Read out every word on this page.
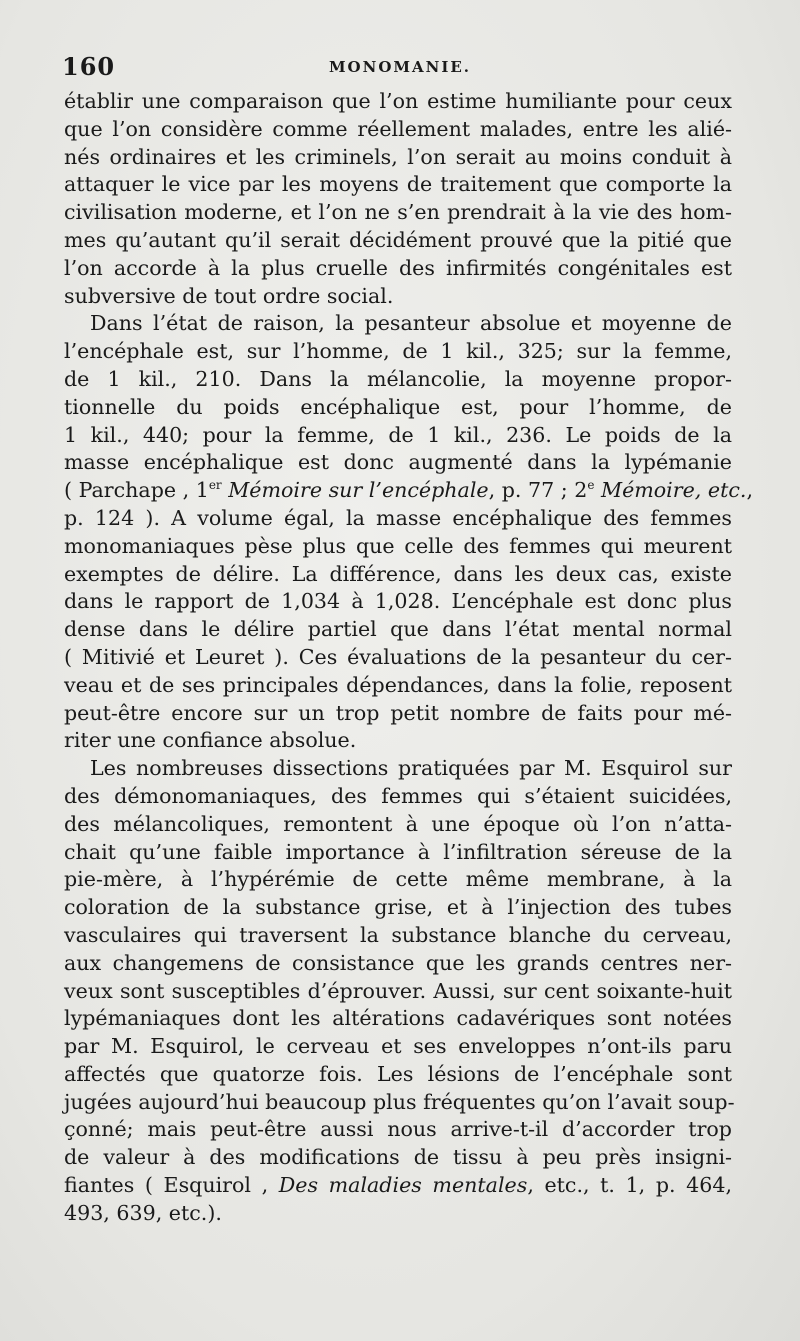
160	MONOMANIE.
établir une comparaison que l’on estime humiliante pour ceux
que l’on considère comme réellement malades, entre les alié-
nés ordinaires et les criminels, l’on serait au moins conduit à
attaquer le vice par les moyens de traitement que comporte la
civilisation moderne, et l’on ne s’en prendrait à la vie des hom-
mes qu’autant qu’il serait décidément prouvé que la pitié que
l’on accorde à la plus cruelle des infirmités congénitales est
subversive de tout ordre social.
Dans l’état de raison, la pesanteur absolue et moyenne de
l’encéphale est, sur l’homme, de 1 kil., 325; sur la femme,
de 1 kil., 210. Dans la mélancolie, la moyenne propor-
tionnelle du poids encéphalique est, pour l’homme, de
1 kil., 440; pour la femme, de 1 kil., 236. Le poids de la
masse encéphalique est donc augmenté dans la lypémanie
( Parchape , 1er Mémoire sur l’encéphale, p. 77 ; 2e Mémoire, etc.,
p. 124 ). A volume égal, la masse encéphalique des femmes
monomaniaques pèse plus que celle des femmes qui meurent
exemptes de délire. La différence, dans les deux cas, existe
dans le rapport de 1,034 à 1,028. L’encéphale est donc plus
dense dans le délire partiel que dans l’état mental normal
( Mitivié et Leuret ). Ces évaluations de la pesanteur du cer-
veau et de ses principales dépendances, dans la folie, reposent
peut-être encore sur un trop petit nombre de faits pour mé-
riter une confiance absolue.
Les nombreuses dissections pratiquées par M. Esquirol sur
des démonomaniaques, des femmes qui s’étaient suicidées,
des mélancoliques, remontent à une époque où l’on n’atta-
chait qu’une faible importance à l’infiltration séreuse de la
pie-mère, à l’hypérémie de cette même membrane, à la
coloration de la substance grise, et à l’injection des tubes
vasculaires qui traversent la substance blanche du cerveau,
aux changemens de consistance que les grands centres ner-
veux sont susceptibles d’éprouver. Aussi, sur cent soixante-huit
lypémaniaques dont les altérations cadavériques sont notées
par M. Esquirol, le cerveau et ses enveloppes n’ont-ils paru
affectés que quatorze fois. Les lésions de l’encéphale sont
jugées aujourd’hui beaucoup plus fréquentes qu’on l’avait soup-
çonné; mais peut-être aussi nous arrive-t-il d’accorder trop
de valeur à des modifications de tissu à peu près insigni-
fiantes ( Esquirol , Des maladies mentales, etc., t. 1, p. 464,
493, 639, etc.).
